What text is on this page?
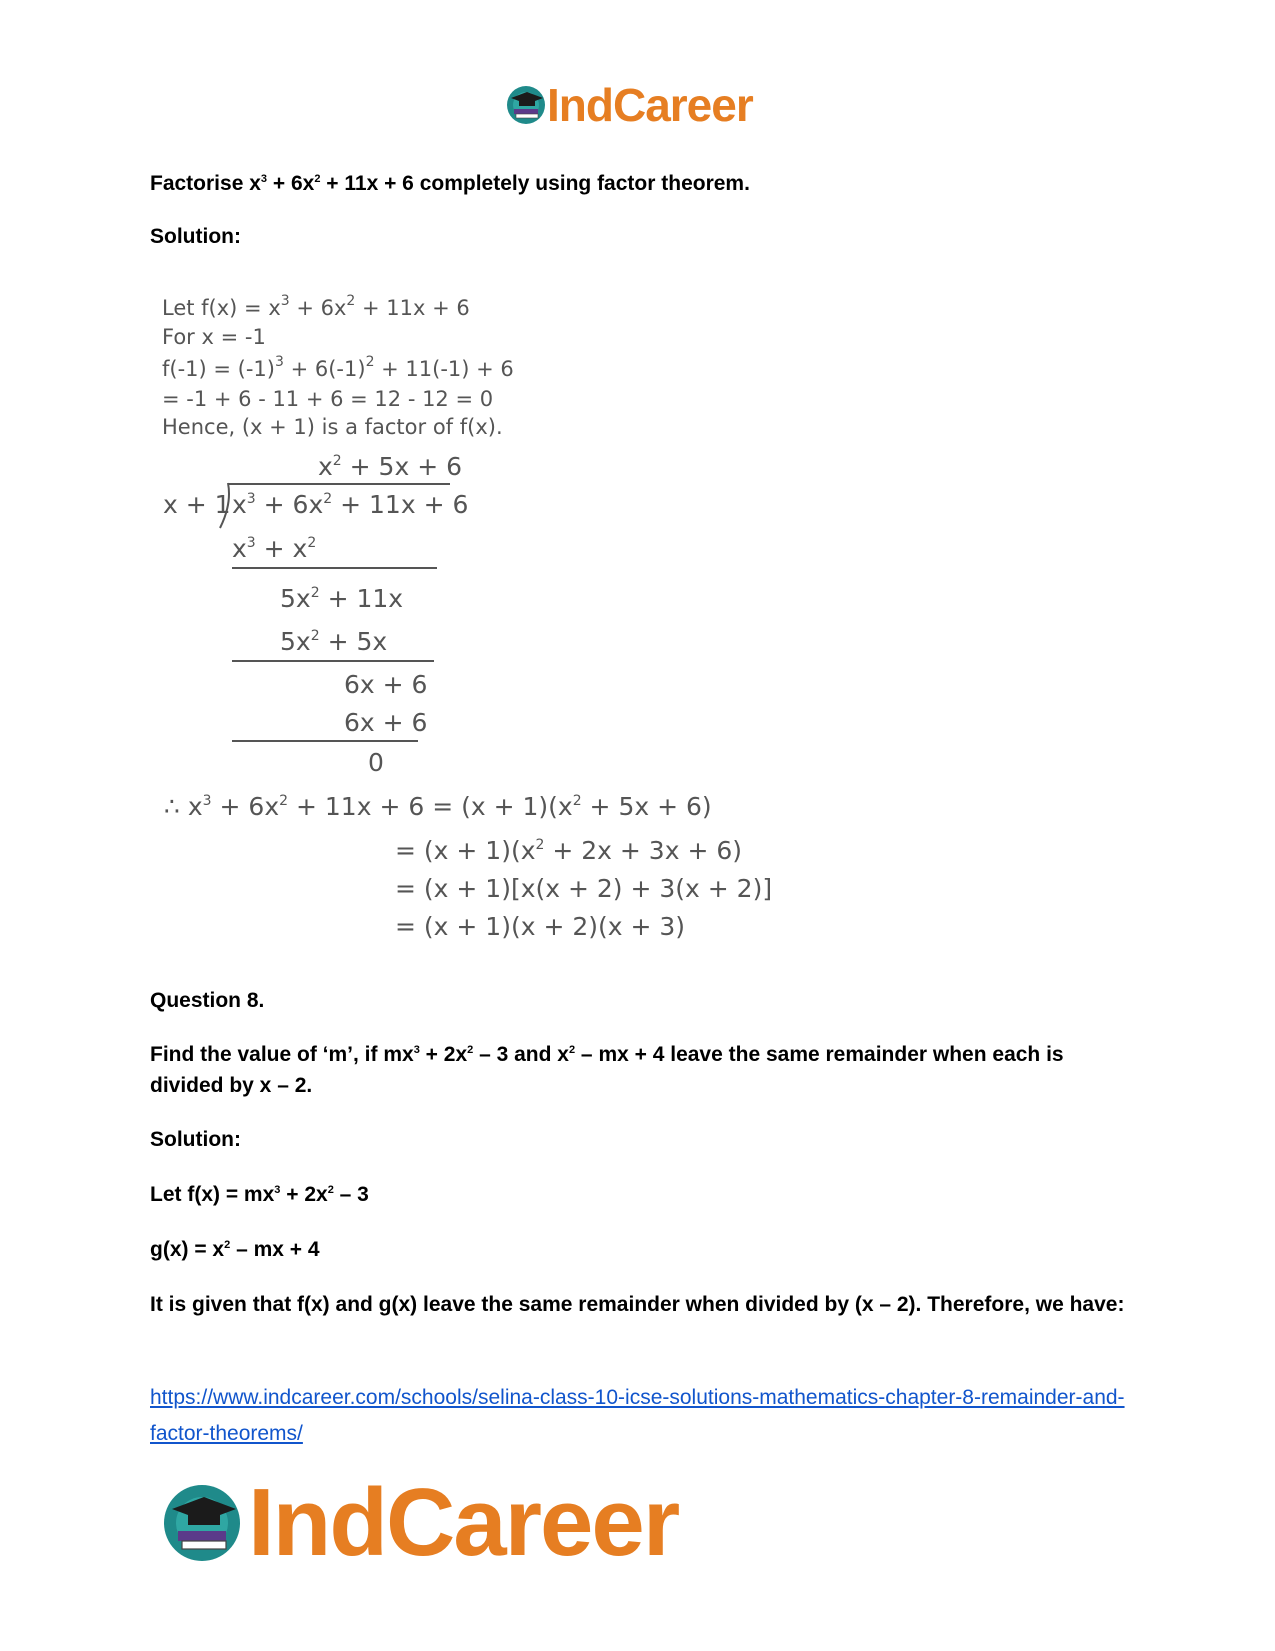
IndCareer
Factorise $x^3 + 6x^2 + 11x + 6$ completely using factor theorem.
Solution:
Let $f(x) = x^3 + 6x^2 + 11x + 6$
For x = -1
$f(-1) = (-1)^3 + 6(-1)^2 + 11(-1) + 6$
= -1 + 6 - 11 + 6 = 12 - 12 = 0
Hence, (x + 1) is a factor of f(x).
$x^2 + 5x + 6$
x + 1 $x^3 + 6x^2 + 11x + 6$
$x^3 + x^2$
$5x^2 + 11x$
$5x^2 + 5x$
6x + 6
6x + 6
0
∴ $x^3 + 6x^2 + 11x + 6 = (x + 1)(x^2 + 5x + 6)$
= $(x + 1)(x^2 + 2x + 3x + 6)$
= (x + 1)[x(x + 2) + 3(x + 2)]
= (x + 1)(x + 2)(x + 3)
Question 8.
Find the value of ‘m’, if $mx^3 + 2x^2 - 3$ and $x^2$ – mx + 4 leave the same remainder when each is divided by x – 2.
Solution:
Let $f(x) = mx^3 + 2x^2 - 3$
$g(x) = x^2$ – mx + 4
It is given that f(x) and g(x) leave the same remainder when divided by (x – 2). Therefore, we have:
https://www.indcareer.com/schools/selina-class-10-icse-solutions-mathematics-chapter-8-remainder-and-factor-theorems/
IndCareer
